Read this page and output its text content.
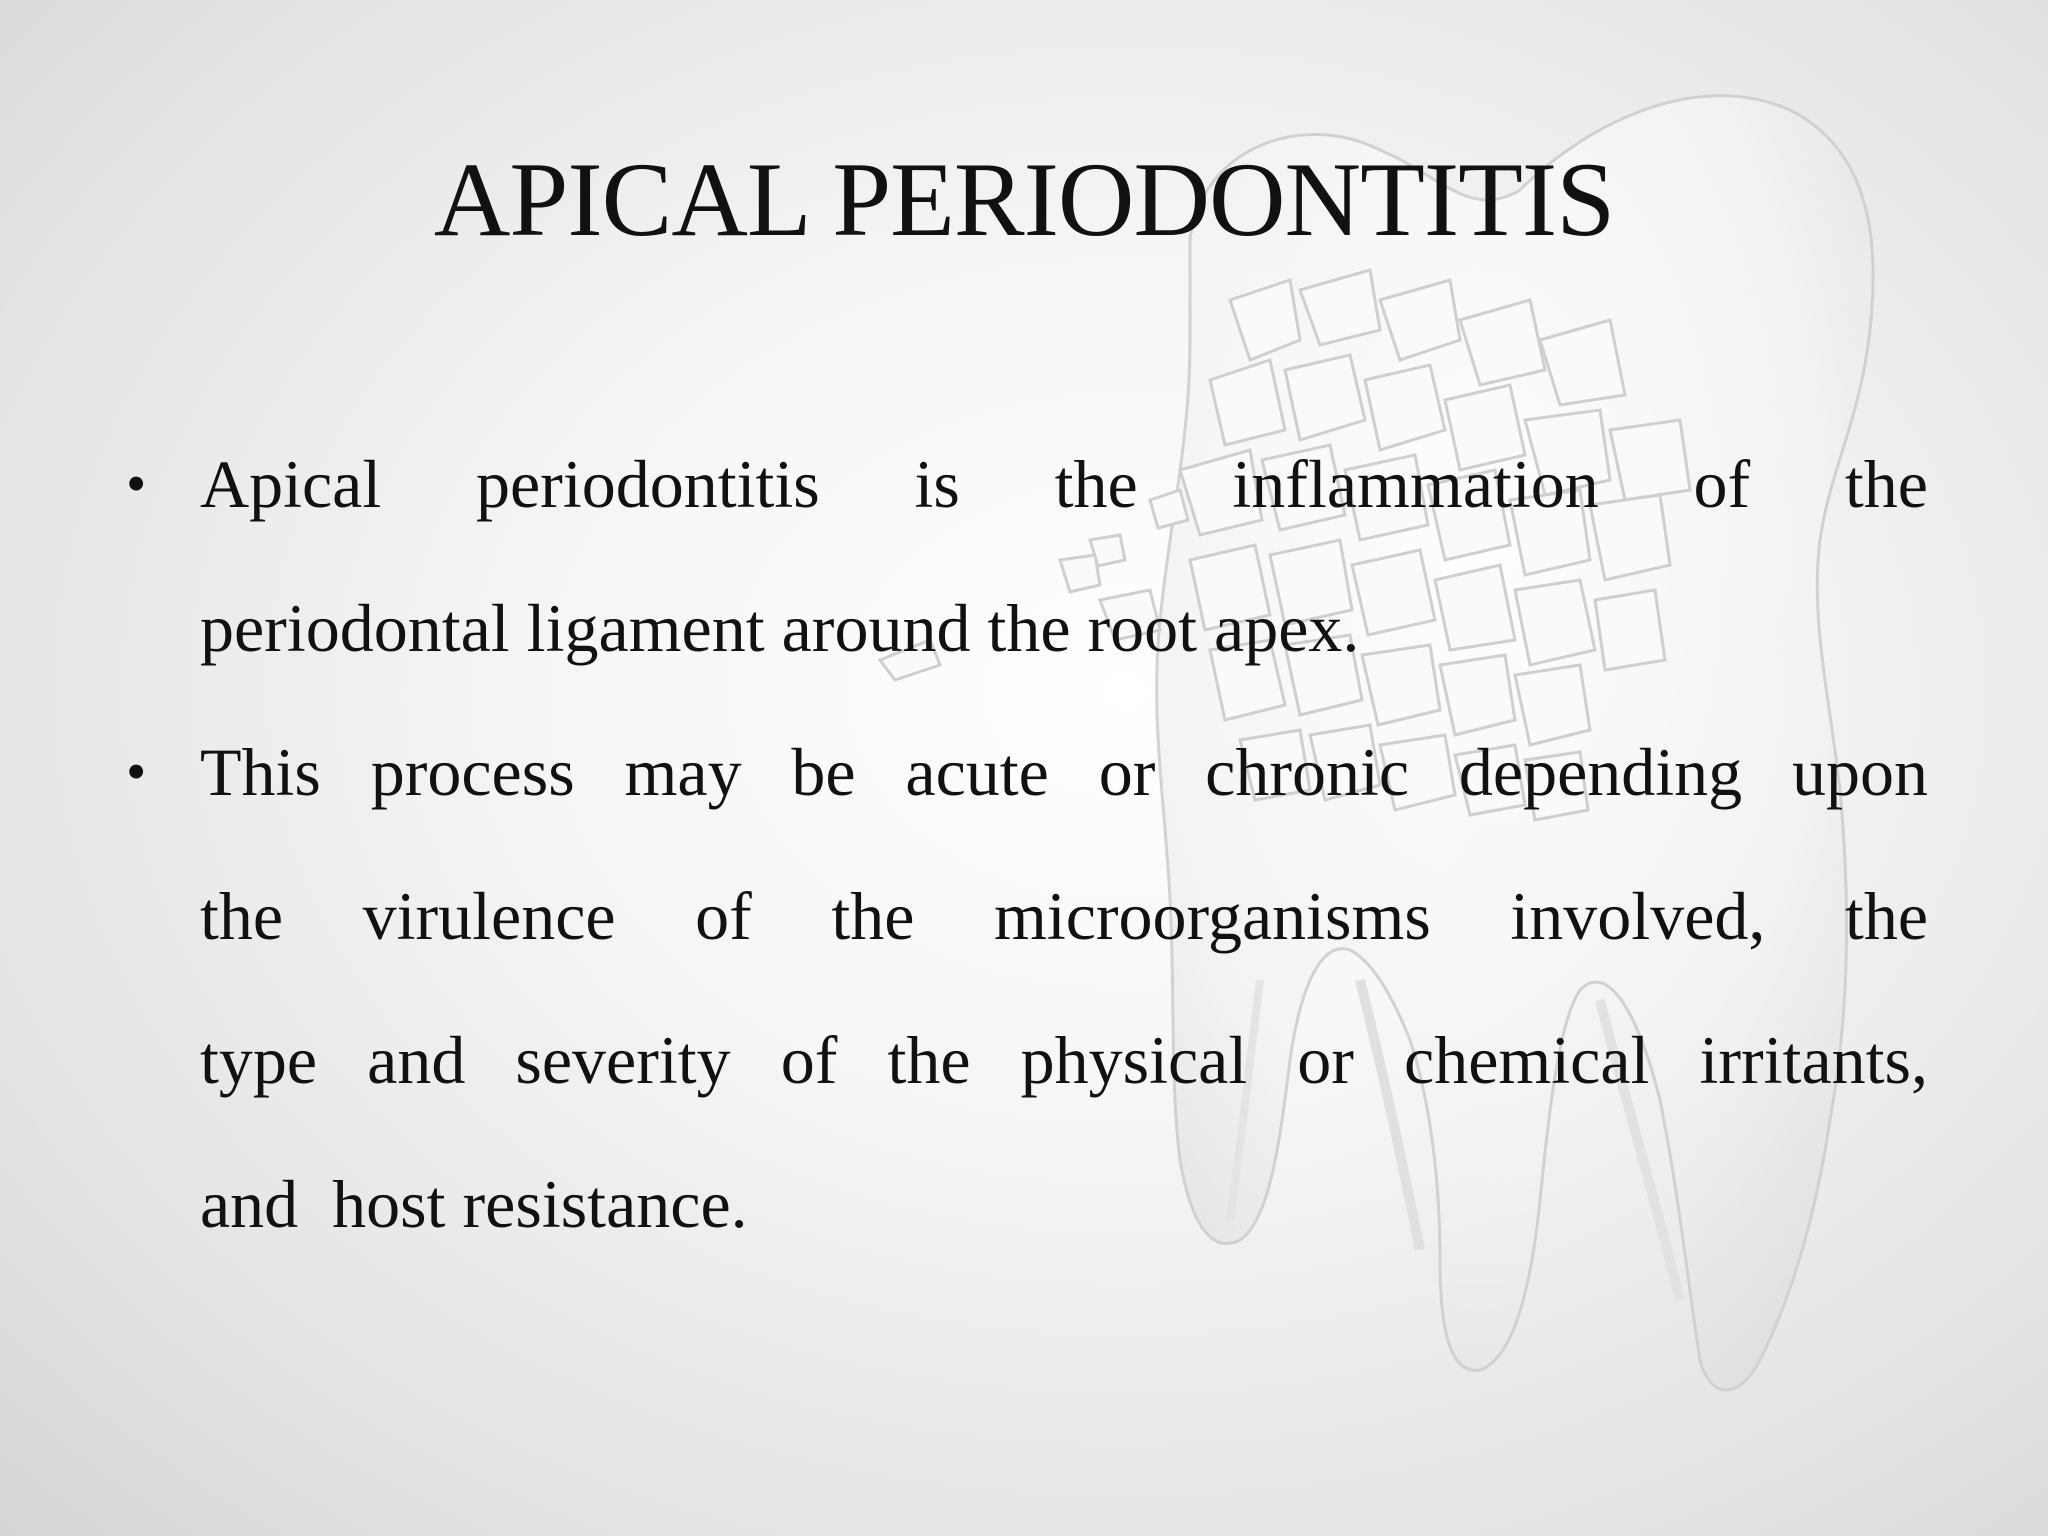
APICAL PERIODONTITIS
• Apical periodontitis is the inflammation of the
periodontal ligament around the root apex.
• This process may be acute or chronic depending upon
the virulence of the microorganisms involved, the
type and severity of the physical or chemical irritants,
and  host resistance.
